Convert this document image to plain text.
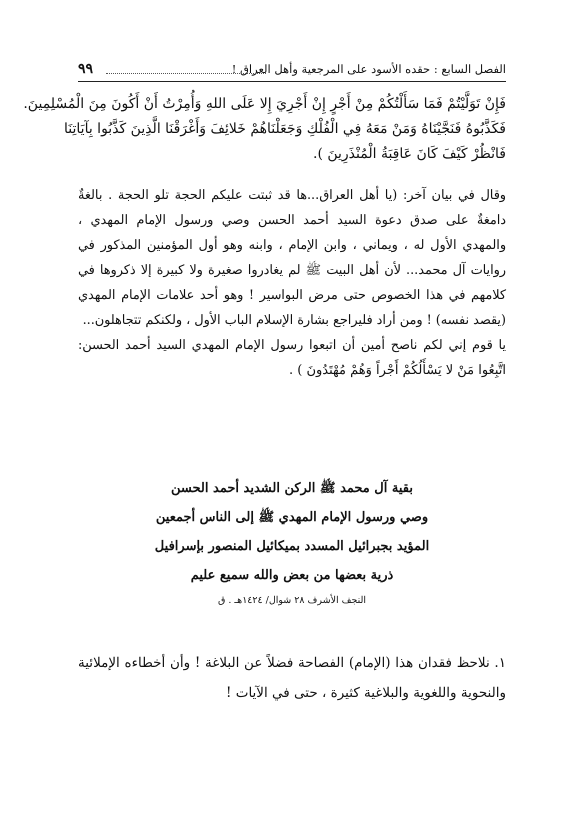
الفصل السابع : حقده الأسود على المرجعية وأهل العراق !
٩٩
فَإِنْ تَوَلَّيْتُمْ فَمَا سَأَلْتُكُمْ مِنْ أَجْرٍ إِنْ أَجْرِيَ إِلا عَلَى اللهِ وَأُمِرْتُ أَنْ أَكُونَ مِنَ الْمُسْلِمِينَ.
فَكَذَّبُوهُ فَنَجَّيْنَاهُ وَمَنْ مَعَهُ فِي الْفُلْكِ وَجَعَلْنَاهُمْ خَلائِفَ وَأَغْرَقْنَا الَّذِينَ كَذَّبُوا بِآيَاتِنَا
فَانْظُرْ كَيْفَ كَانَ عَاقِبَةُ الْمُنْذَرِينَ ).
وقال في بيان آخر: (يا أهل العراق...ها قد ثبتت عليكم الحجة تلو الحجة . بالغةٌ دامغةٌ على صدق دعوة السيد أحمد الحسن وصي ورسول الإمام المهدي ، والمهدي الأول له ، ويماني ، وابن الإمام ، وابنه وهو أول المؤمنين المذكور في روايات آل محمد... لأن أهل البيت ﷺ لم يغادروا صغيرة ولا كبيرة إلا ذكروها في كلامهم في هذا الخصوص حتى مرض البواسير ! وهو أحد علامات الإمام المهدي (يقصد نفسه) ! ومن أراد فليراجع بشارة الإسلام الباب الأول ، ولكنكم تتجاهلون...
يا قوم إني لكم ناصح أمين أن اتبعوا رسول الإمام المهدي السيد أحمد الحسن: اتَّبِعُوا مَنْ لا يَسْأَلُكُمْ أَجْراً وَهُمْ مُهْتَدُونَ ) .
بقية آل محمد ﷺ الركن الشديد أحمد الحسن
وصي ورسول الإمام المهدي ﷺ إلى الناس أجمعين
المؤيد بجبرائيل المسدد بميكائيل المنصور بإسرافيل
ذرية بعضها من بعض والله سميع عليم
النجف الأشرف ٢٨ شوال/ ١٤٢٤هـ . ق
١. نلاحظ فقدان هذا (الإمام) الفصاحة فضلاً عن البلاغة ! وأن أخطاءه الإملائية والنحوية واللغوية والبلاغية كثيرة ، حتى في الآيات !
